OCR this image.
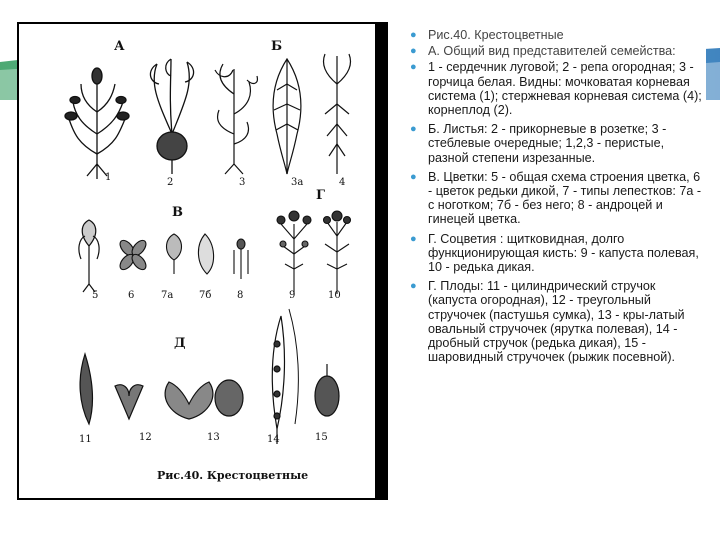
А	Б
В
Г
Д
1	2	3	3а	4
5	6	7а	7б	8	9	10
11	12	13	14	15
Рис.40. Крестоцветные
● Рис.40. Крестоцветные
● А. Общий вид представителей семейства:
● 1 - сердечник луговой; 2 - репа огородная; 3 - горчица белая. Видны: мочковатая корневая система (1); стержневая корневая система (4); корнеплод (2).
● Б. Листья: 2 - прикорневые в розетке; 3 - стеблевые очередные; 1,2,3 - перистые, разной степени изрезанные.
● В. Цветки: 5 - общая схема строения цветка, 6 - цветок редьки дикой, 7 - типы лепестков: 7а - с ноготком; 7б - без него; 8 - андроцей и гинецей цветка.
● Г. Соцветия : щитковидная, долго функционирующая кисть: 9 - капуста полевая, 10 - редька дикая.
● Г. Плоды: 11 - цилиндрический стручок (капуста огородная), 12 - треугольный стручочек (пастушья сумка), 13 - кры-латый овальный стручочек (ярутка полевая), 14 - дробный стручок (редька дикая), 15 - шаровидный стручочек (рыжик посевной).
